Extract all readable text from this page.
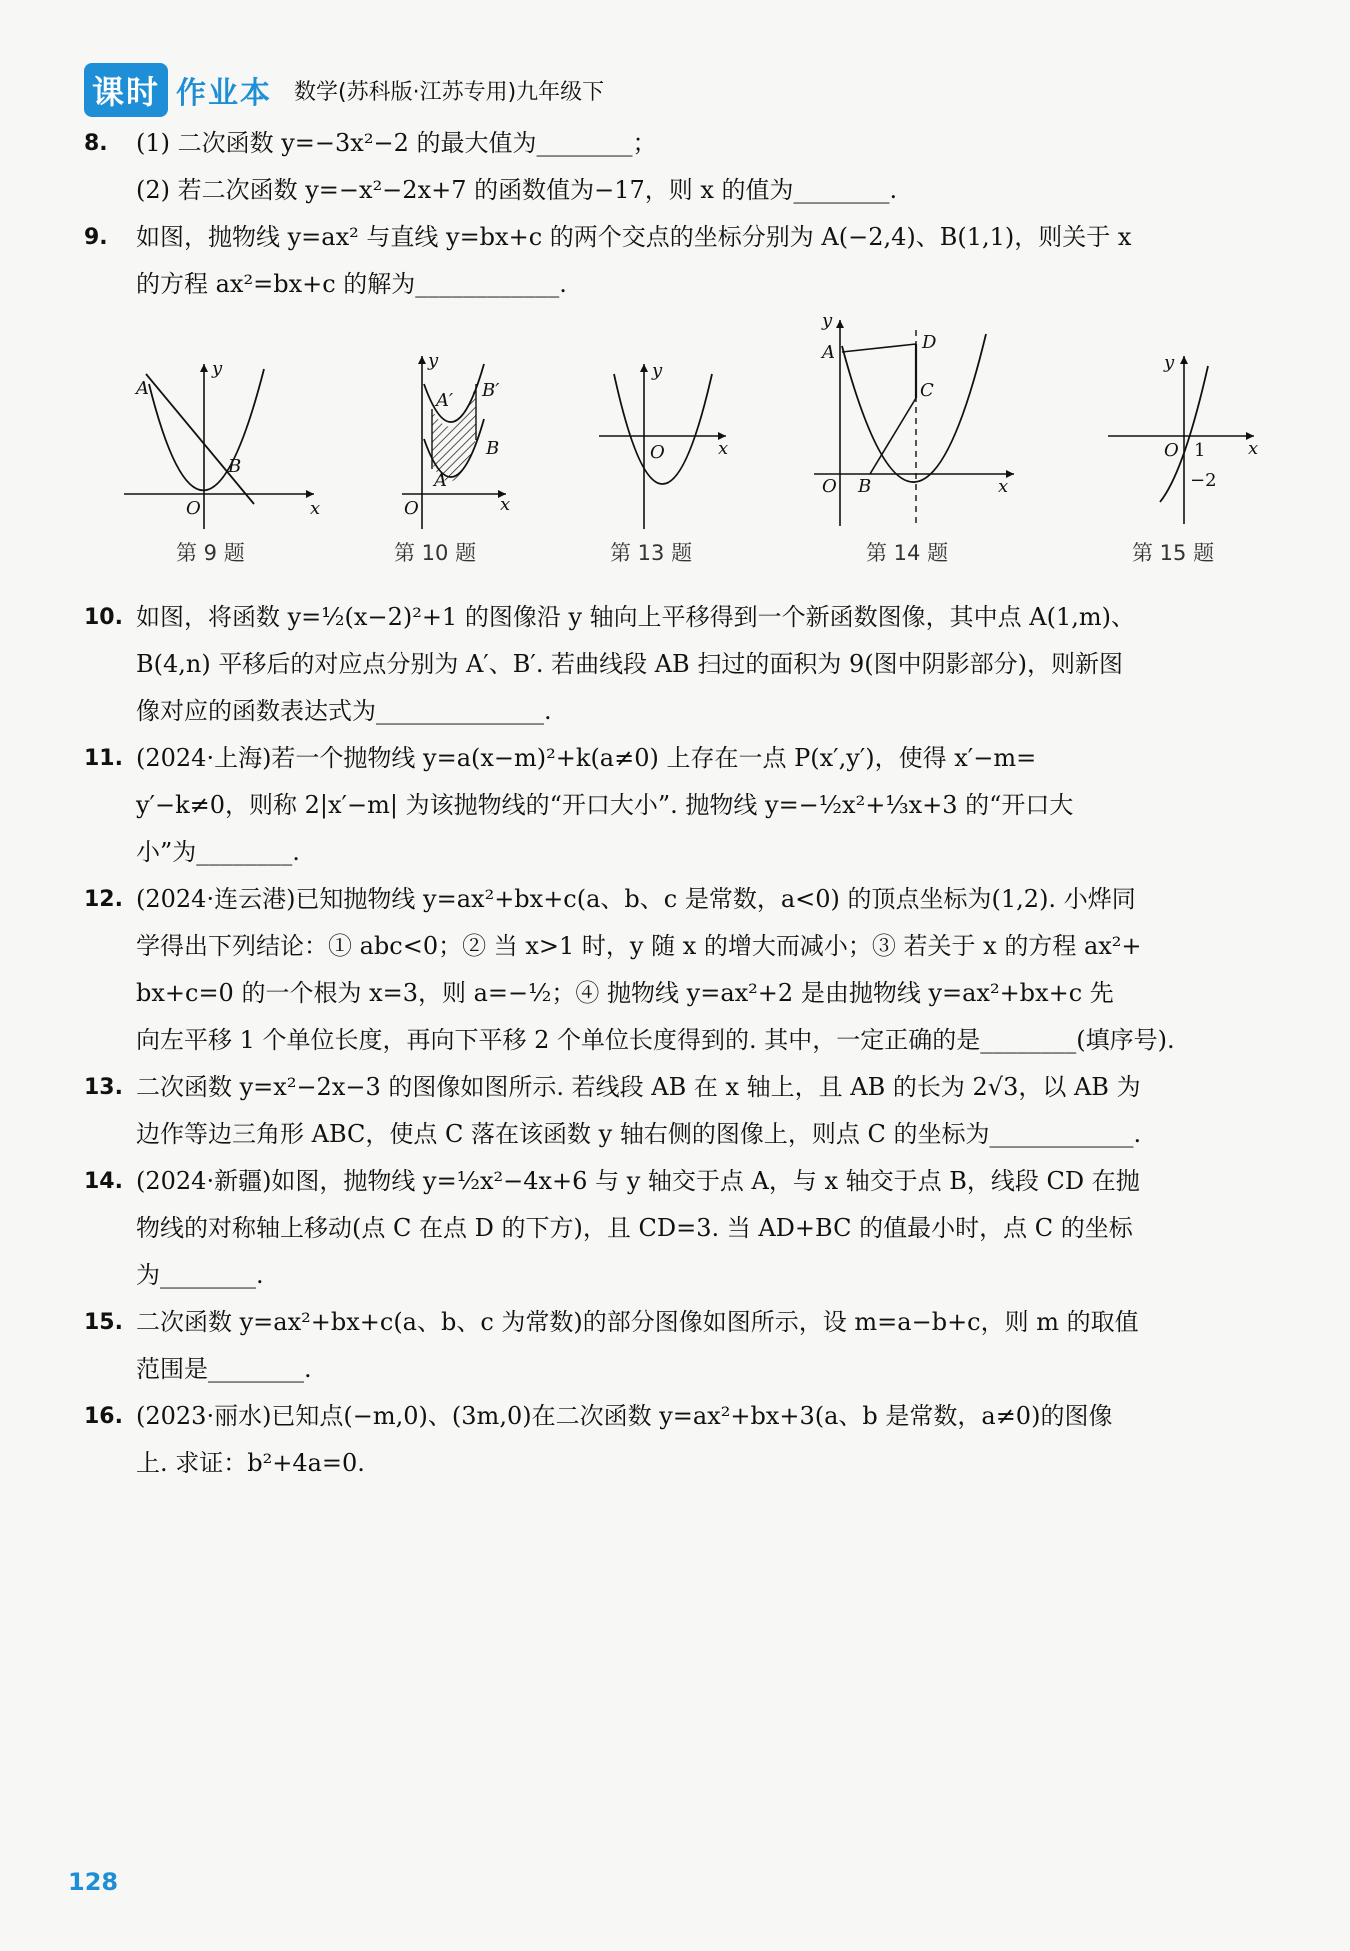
课时 作业本 数学(苏科版·江苏专用)九年级下
8. (1) 二次函数 y=−3x²−2 的最大值为________；
(2) 若二次函数 y=−x²−2x+7 的函数值为−17，则 x 的值为________.
9. 如图，抛物线 y=ax² 与直线 y=bx+c 的两个交点的坐标分别为 A(−2,4)、B(1,1)，则关于 x
的方程 ax²=bx+c 的解为____________.
A
B
O	x
y
第 9 题
A′ B′
A
B
O	x
y
第 10 题
O	x
y
第 13 题
A	D
C
O B	x
y
第 14 题
O 1
−2
x
y
第 15 题
10. 如图，将函数 y=½(x−2)²+1 的图像沿 y 轴向上平移得到一个新函数图像，其中点 A(1,m)、
B(4,n) 平移后的对应点分别为 A′、B′. 若曲线段 AB 扫过的面积为 9(图中阴影部分)，则新图
像对应的函数表达式为______________.
11. (2024·上海)若一个抛物线 y=a(x−m)²+k(a≠0) 上存在一点 P(x′,y′)，使得 x′−m=
y′−k≠0，则称 2|x′−m| 为该抛物线的“开口大小”. 抛物线 y=−½x²+⅓x+3 的“开口大
小”为________.
12. (2024·连云港)已知抛物线 y=ax²+bx+c(a、b、c 是常数，a<0) 的顶点坐标为(1,2). 小烨同
学得出下列结论：① abc<0；② 当 x>1 时，y 随 x 的增大而减小；③ 若关于 x 的方程 ax²+
bx+c=0 的一个根为 x=3，则 a=−½；④ 抛物线 y=ax²+2 是由抛物线 y=ax²+bx+c 先
向左平移 1 个单位长度，再向下平移 2 个单位长度得到的. 其中，一定正确的是________(填序号).
13. 二次函数 y=x²−2x−3 的图像如图所示. 若线段 AB 在 x 轴上，且 AB 的长为 2√3，以 AB 为
边作等边三角形 ABC，使点 C 落在该函数 y 轴右侧的图像上，则点 C 的坐标为____________.
14. (2024·新疆)如图，抛物线 y=½x²−4x+6 与 y 轴交于点 A，与 x 轴交于点 B，线段 CD 在抛
物线的对称轴上移动(点 C 在点 D 的下方)，且 CD=3. 当 AD+BC 的值最小时，点 C 的坐标
为________.
15. 二次函数 y=ax²+bx+c(a、b、c 为常数)的部分图像如图所示，设 m=a−b+c，则 m 的取值
范围是________.
16. (2023·丽水)已知点(−m,0)、(3m,0)在二次函数 y=ax²+bx+3(a、b 是常数，a≠0)的图像
上. 求证：b²+4a=0.
128
